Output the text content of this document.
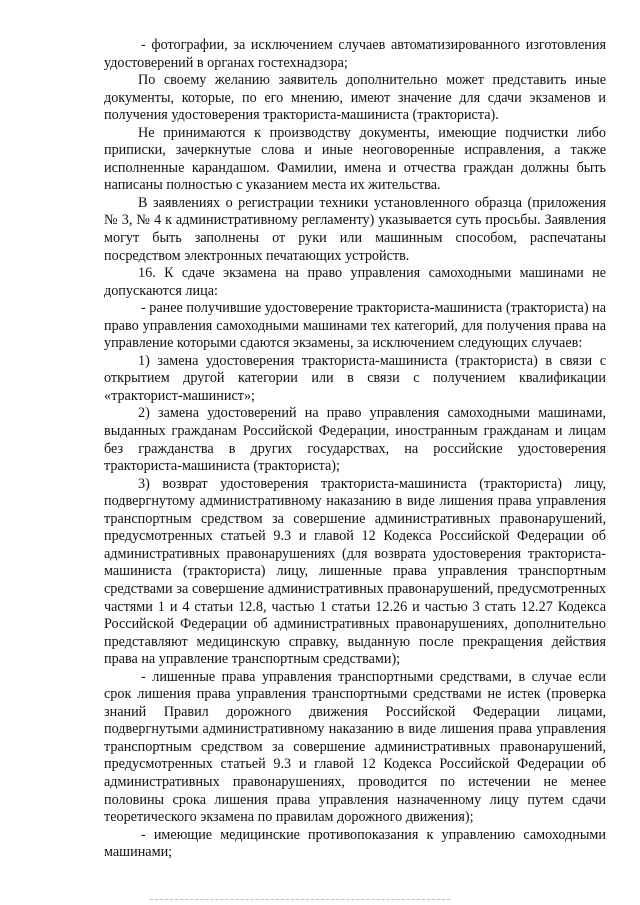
- фотографии, за исключением случаев автоматизированного изготовления удостоверений в органах гостехнадзора;

По своему желанию заявитель дополнительно может представить иные документы, которые, по его мнению, имеют значение для сдачи экзаменов и получения удостоверения тракториста-машиниста (тракториста).

Не принимаются к производству документы, имеющие подчистки либо приписки, зачеркнутые слова и иные неоговоренные исправления, а также исполненные карандашом. Фамилии, имена и отчества граждан должны быть написаны полностью с указанием места их жительства.

В заявлениях о регистрации техники установленного образца (приложения № 3, № 4 к административному регламенту) указывается суть просьбы. Заявления могут быть заполнены от руки или машинным способом, распечатаны посредством электронных печатающих устройств.

16. К сдаче экзамена на право управления самоходными машинами не допускаются лица:

- ранее получившие удостоверение тракториста-машиниста (тракториста) на право управления самоходными машинами тех категорий, для получения права на управление которыми сдаются экзамены, за исключением следующих случаев:

1) замена удостоверения тракториста-машиниста (тракториста) в связи с открытием другой категории или в связи с получением квалификации «тракторист-машинист»;

2) замена удостоверений на право управления самоходными машинами, выданных гражданам Российской Федерации, иностранным гражданам и лицам без гражданства в других государствах, на российские удостоверения тракториста-машиниста (тракториста);

3) возврат удостоверения тракториста-машиниста (тракториста) лицу, подвергнутому административному наказанию в виде лишения права управления транспортным средством за совершение административных правонарушений, предусмотренных статьей 9.3 и главой 12 Кодекса Российской Федерации об административных правонарушениях (для возврата удостоверения тракториста-машиниста (тракториста) лицу, лишенные права управления транспортным средствами за совершение административных правонарушений, предусмотренных частями 1 и 4 статьи 12.8, частью 1 статьи 12.26 и частью 3 стать 12.27 Кодекса Российской Федерации об административных правонарушениях, дополнительно представляют медицинскую справку, выданную после прекращения действия права на управление транспортным средствами);

- лишенные права управления транспортными средствами, в случае если срок лишения права управления транспортными средствами не истек (проверка знаний Правил дорожного движения Российской Федерации лицами, подвергнутыми административному наказанию в виде лишения права управления транспортным средством за совершение административных правонарушений, предусмотренных статьей 9.3 и главой 12 Кодекса Российской Федерации об административных правонарушениях, проводится по истечении не менее половины срока лишения права управления назначенному лицу путем сдачи теоретического экзамена по правилам дорожного движения);

- имеющие медицинские противопоказания к управлению самоходными машинами;
